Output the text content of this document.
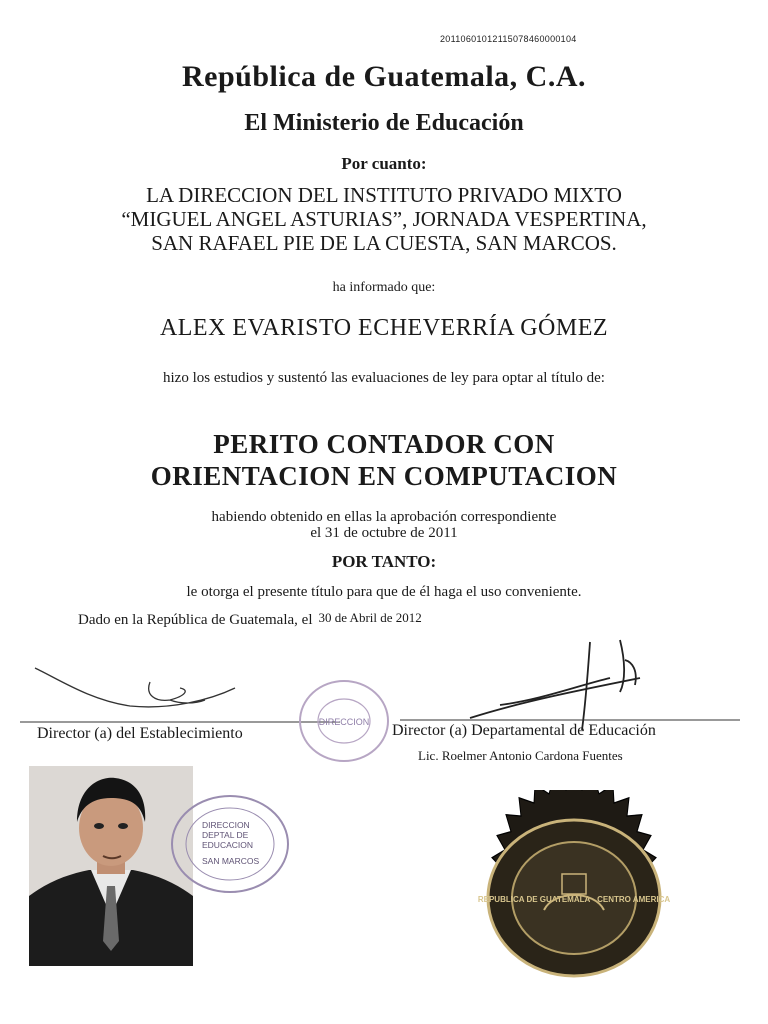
20110601012115078460000104
República de Guatemala, C.A.
El Ministerio de Educación
Por cuanto:
LA DIRECCION DEL INSTITUTO PRIVADO MIXTO
“MIGUEL ANGEL ASTURIAS”, JORNADA VESPERTINA,
SAN RAFAEL PIE DE LA CUESTA, SAN MARCOS.
ha informado que:
ALEX EVARISTO ECHEVERRÍA GÓMEZ
hizo los estudios y sustentó las evaluaciones de ley para optar al título de:
PERITO CONTADOR CON
ORIENTACION EN COMPUTACION
habiendo obtenido en ellas la aprobación correspondiente
el 31 de octubre de 2011
POR TANTO:
le otorga el presente título para que de él haga el uso conveniente.
Dado en la República de Guatemala, el 30 de Abril de 2012
Director (a) del Establecimiento	Director (a) Departamental de Educación
Lic. Roelmer Antonio Cardona Fuentes
DIRECCION
DIRECCION
DEPTAL DE
EDUCACION
SAN MARCOS
REPUBLICA DE GUATEMALA · CENTRO AMERICA
